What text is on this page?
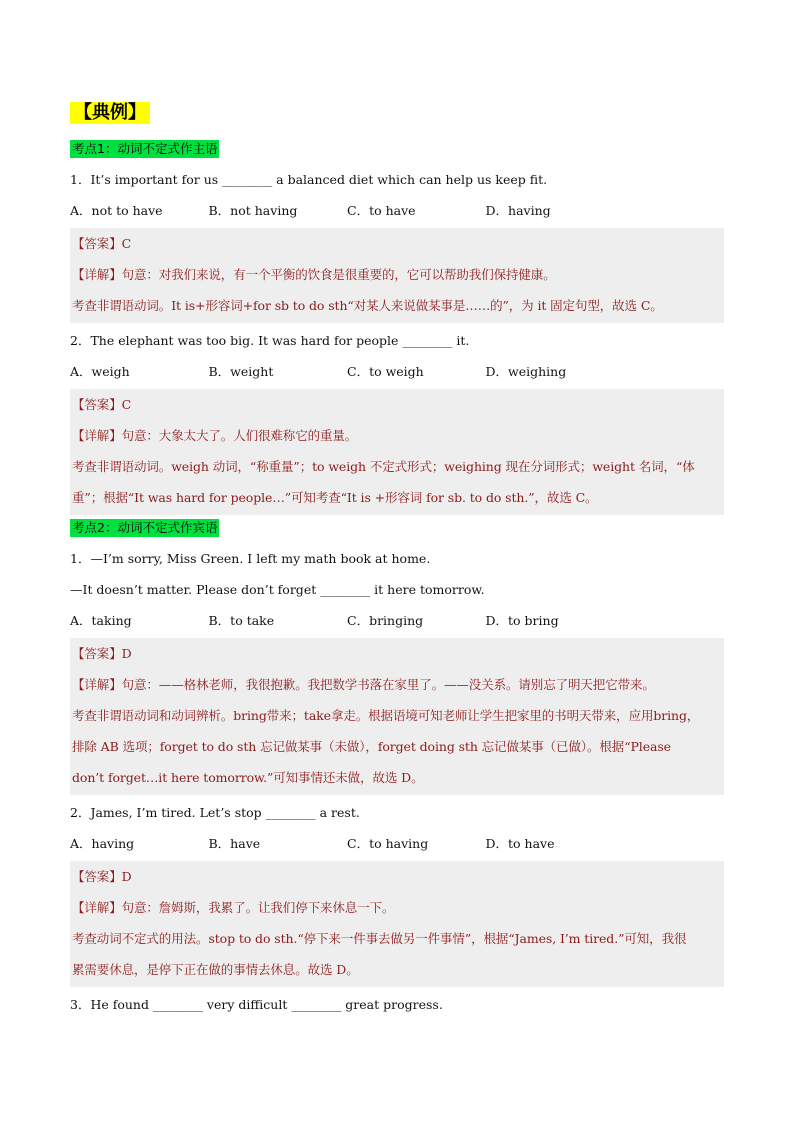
【典例】
考点1：动词不定式作主语
1．It’s important for us ________ a balanced diet which can help us keep fit.
A．not to have	B．not having	C．to have	D．having
【答案】C
【详解】句意：对我们来说，有一个平衡的饮食是很重要的，它可以帮助我们保持健康。
考查非谓语动词。It is+形容词+for sb to do sth“对某人来说做某事是……的”，为 it 固定句型，故选 C。
2．The elephant was too big. It was hard for people ________ it.
A．weigh	B．weight	C．to weigh	D．weighing
【答案】C
【详解】句意：大象太大了。人们很难称它的重量。
考查非谓语动词。weigh 动词，“称重量”；to weigh 不定式形式；weighing 现在分词形式；weight 名词，“体
重”；根据“It was hard for people…”可知考查“It is +形容词 for sb. to do sth.”，故选 C。
考点2：动词不定式作宾语
1．—I’m sorry, Miss Green. I left my math book at home.
—It doesn’t matter. Please don’t forget ________ it here tomorrow.
A．taking	B．to take	C．bringing	D．to bring
【答案】D
【详解】句意：——格林老师，我很抱歉。我把数学书落在家里了。——没关系。请别忘了明天把它带来。
考查非谓语动词和动词辨析。bring带来；take拿走。根据语境可知老师让学生把家里的书明天带来，应用bring，
排除 AB 选项；forget to do sth 忘记做某事（未做），forget doing sth 忘记做某事（已做）。根据“Please
don’t forget…it here tomorrow.”可知事情还未做，故选 D。
2．James, I’m tired. Let’s stop ________ a rest.
A．having	B．have	C．to having	D．to have
【答案】D
【详解】句意：詹姆斯，我累了。让我们停下来休息一下。
考查动词不定式的用法。stop to do sth.“停下来一件事去做另一件事情”，根据“James, I’m tired.”可知，我很
累需要休息，是停下正在做的事情去休息。故选 D。
3．He found ________ very difficult ________ great progress.
